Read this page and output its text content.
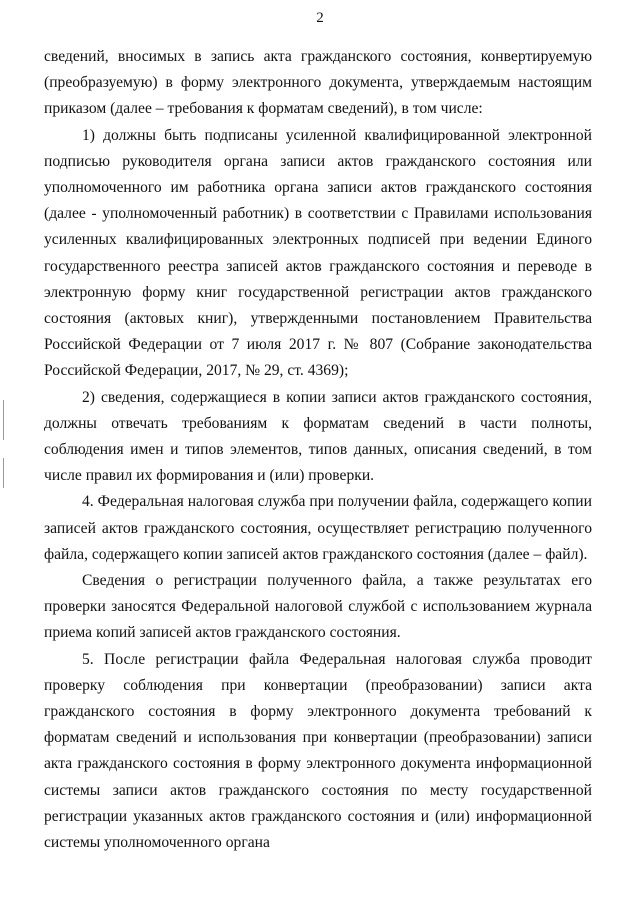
2

сведений, вносимых в запись акта гражданского состояния, конвертируемую (преобразуемую) в форму электронного документа, утверждаемым настоящим приказом (далее – требования к форматам сведений), в том числе:

1) должны быть подписаны усиленной квалифицированной электронной подписью руководителя органа записи актов гражданского состояния или уполномоченного им работника органа записи актов гражданского состояния (далее - уполномоченный работник) в соответствии с Правилами использования усиленных квалифицированных электронных подписей при ведении Единого государственного реестра записей актов гражданского состояния и переводе в электронную форму книг государственной регистрации актов гражданского состояния (актовых книг), утвержденными постановлением Правительства Российской Федерации от 7 июля 2017 г. № 807 (Собрание законодательства Российской Федерации, 2017, № 29, ст. 4369);

2) сведения, содержащиеся в копии записи актов гражданского состояния, должны отвечать требованиям к форматам сведений в части полноты, соблюдения имен и типов элементов, типов данных, описания сведений, в том числе правил их формирования и (или) проверки.

4. Федеральная налоговая служба при получении файла, содержащего копии записей актов гражданского состояния, осуществляет регистрацию полученного файла, содержащего копии записей актов гражданского состояния (далее – файл).

Сведения о регистрации полученного файла, а также результатах его проверки заносятся Федеральной налоговой службой с использованием журнала приема копий записей актов гражданского состояния.

5. После регистрации файла Федеральная налоговая служба проводит проверку соблюдения при конвертации (преобразовании) записи акта гражданского состояния в форму электронного документа требований к форматам сведений и использования при конвертации (преобразовании) записи акта гражданского состояния в форму электронного документа информационной системы записи актов гражданского состояния по месту государственной регистрации указанных актов гражданского состояния и (или) информационной системы уполномоченного органа
